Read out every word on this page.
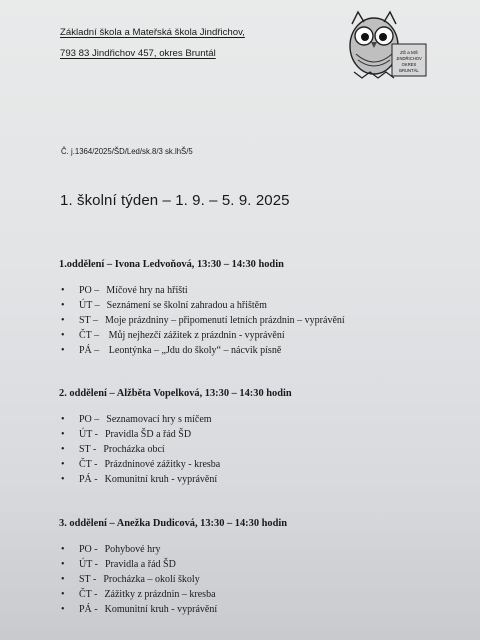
Základní škola a Mateřská škola Jindřichov,
793 83 Jindřichov 457, okres Bruntál	ZŠ a MŠ
JINDŘICHOV
OKRES
BRUNTÁL
Č. j.1364/2025/ŠD/Led/sk.8/3 sk.lhŠ/5
1. školní týden – 1. 9. – 5. 9. 2025
1.oddělení – Ivona Ledvoňová, 13:30 – 14:30 hodin
•	PO –
Míčové hry na hřišti
•	ÚT –
Seznámení se školní zahradou a hřištěm
•	ST –
Moje prázdniny – připomenutí letních prázdnin – vyprávění
•	ČT –
Můj nejhezčí zážitek z prázdnin - vyprávění
•	PÁ –
Leontýnka – „Jdu do školy“ – nácvik písně
2. oddělení – Alžběta Vopelková, 13:30 – 14:30 hodin
•	PO –
Seznamovací hry s míčem
•	ÚT -
Pravidla ŠD a řád ŠD
•	ST -
Procházka obcí
•	ČT -
Prázdninové zážitky - kresba
•	PÁ -
Komunitní kruh - vyprávění
3. oddělení – Anežka Dudicová, 13:30 – 14:30 hodin
•	PO -
Pohybové hry
•	ÚT -
Pravidla a řád ŠD
•	ST -
Procházka – okolí školy
•	ČT -
Zážitky z prázdnin – kresba
•	PÁ -
Komunitní kruh - vyprávění
